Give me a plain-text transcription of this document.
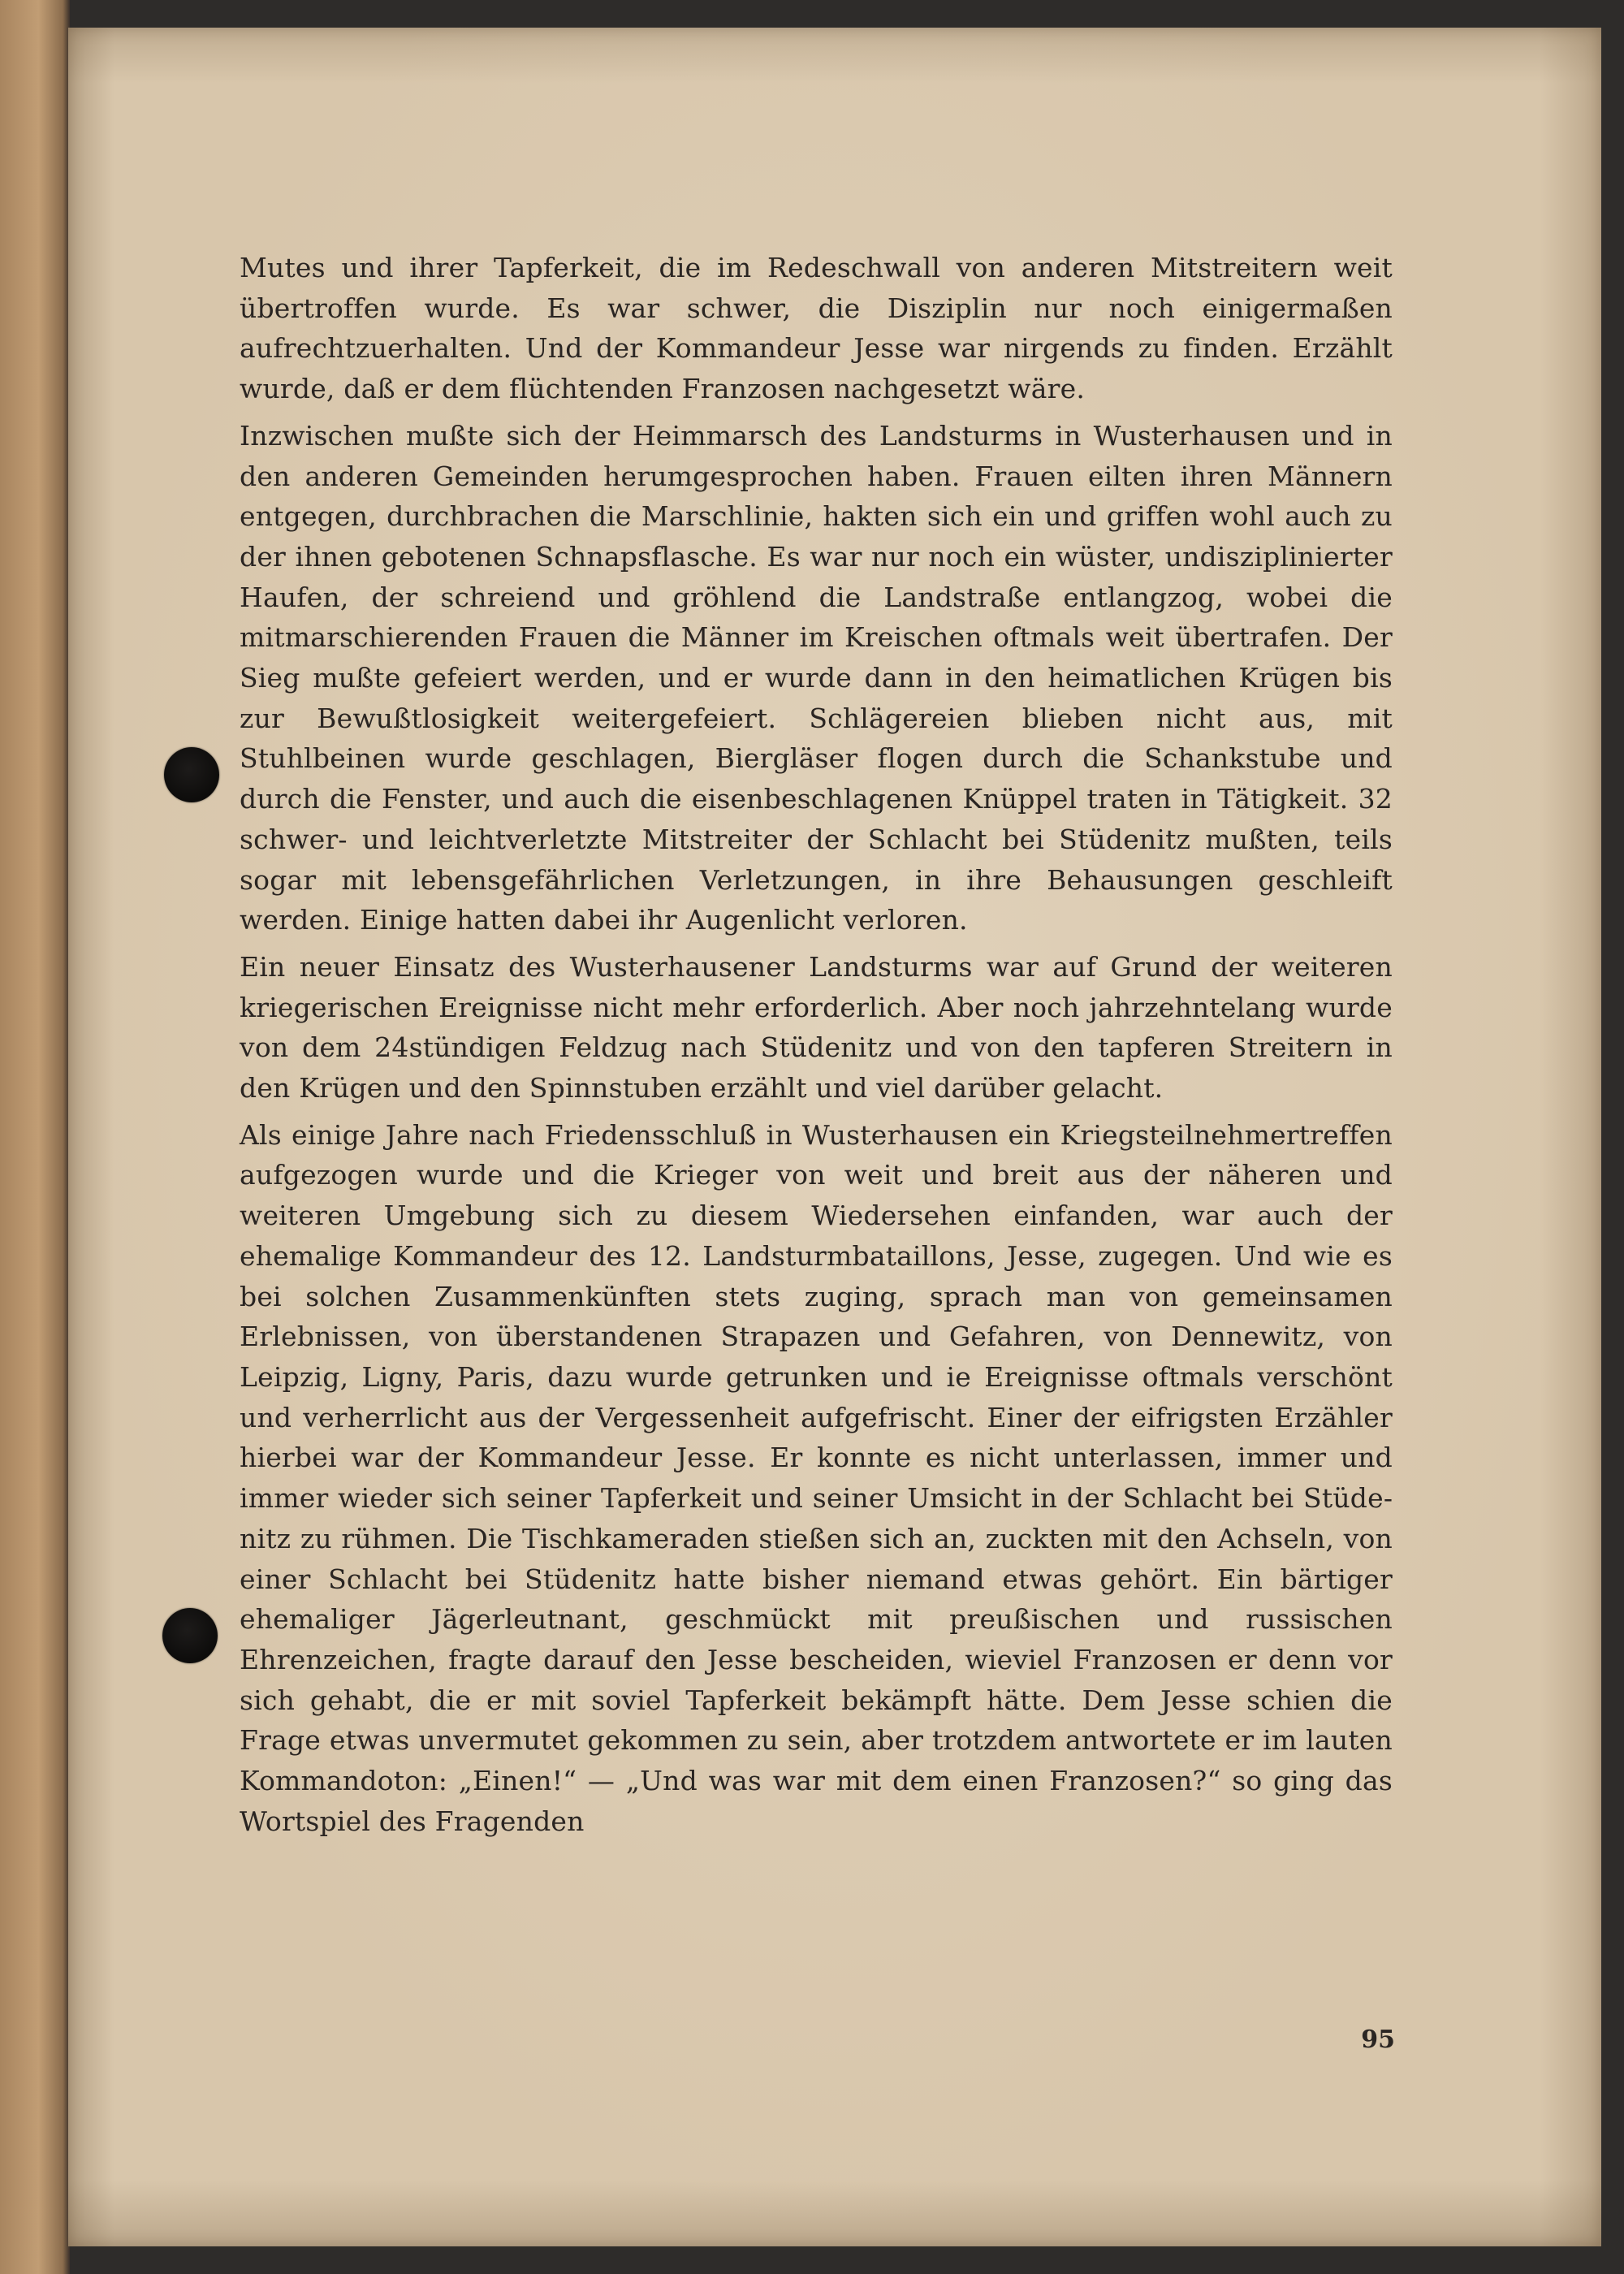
Mutes und ihrer Tapferkeit, die im Redeschwall von anderen Mitstreitern weit übertroffen wurde. Es war schwer, die Disziplin nur noch einigermaßen aufrechtzuerhalten. Und der Kommandeur Jesse war nirgends zu finden. Erzählt wurde, daß er dem flüchtenden Franzosen nachgesetzt wäre.

Inzwischen mußte sich der Heimmarsch des Landsturms in Wusterhausen und in den anderen Gemeinden herumgesprochen haben. Frauen eilten ihren Männern entgegen, durchbrachen die Marschlinie, hakten sich ein und griffen wohl auch zu der ihnen gebotenen Schnapsflasche. Es war nur noch ein wüster, undisziplinierter Haufen, der schreiend und gröhlend die Landstraße entlangzog, wobei die mitmarschierenden Frauen die Männer im Kreischen oftmals weit übertrafen. Der Sieg mußte gefeiert werden, und er wurde dann in den heimatlichen Krügen bis zur Bewußtlosigkeit weitergefeiert. Schlägereien blieben nicht aus, mit Stuhlbeinen wurde geschlagen, Biergläser flogen durch die Schankstube und durch die Fenster, und auch die eisenbeschlagenen Knüppel traten in Tätigkeit. 32 schwer- und leichtverletzte Mitstreiter der Schlacht bei Stüdenitz mußten, teils sogar mit lebensgefährlichen Verletzungen, in ihre Behausungen geschleift werden. Einige hatten dabei ihr Augenlicht verloren.

Ein neuer Einsatz des Wusterhausener Landsturms war auf Grund der weiteren kriegerischen Ereignisse nicht mehr erforderlich. Aber noch jahrzehntelang wurde von dem 24stündigen Feldzug nach Stüdenitz und von den tapferen Streitern in den Krügen und den Spinnstuben erzählt und viel darüber gelacht.

Als einige Jahre nach Friedensschluß in Wusterhausen ein Kriegsteilnehmertreffen aufgezogen wurde und die Krieger von weit und breit aus der näheren und weiteren Umgebung sich zu diesem Wiedersehen einfanden, war auch der ehemalige Kommandeur des 12. Landsturmbataillons, Jesse, zugegen. Und wie es bei solchen Zusammenkünften stets zuging, sprach man von gemeinsamen Erlebnissen, von überstandenen Strapazen und Gefahren, von Dennewitz, von Leipzig, Ligny, Paris, dazu wurde getrunken und ie Ereignisse oftmals verschönt und verherrlicht aus der Vergessenheit aufgefrischt. Einer der eifrigsten Erzähler hierbei war der Kommandeur Jesse. Er konnte es nicht unterlassen, immer und immer wieder sich seiner Tapferkeit und seiner Umsicht in der Schlacht bei Stüdenitz zu rühmen. Die Tischkameraden stießen sich an, zuckten mit den Achseln, von einer Schlacht bei Stüdenitz hatte bisher niemand etwas gehört. Ein bärtiger ehemaliger Jägerleutnant, geschmückt mit preußischen und russischen Ehrenzeichen, fragte darauf den Jesse bescheiden, wieviel Franzosen er denn vor sich gehabt, die er mit soviel Tapferkeit bekämpft hätte. Dem Jesse schien die Frage etwas unvermutet gekommen zu sein, aber trotzdem antwortete er im lauten Kommandoton: „Einen!“ — „Und was war mit dem einen Franzosen?“ so ging das Wortspiel des Fragenden

95
